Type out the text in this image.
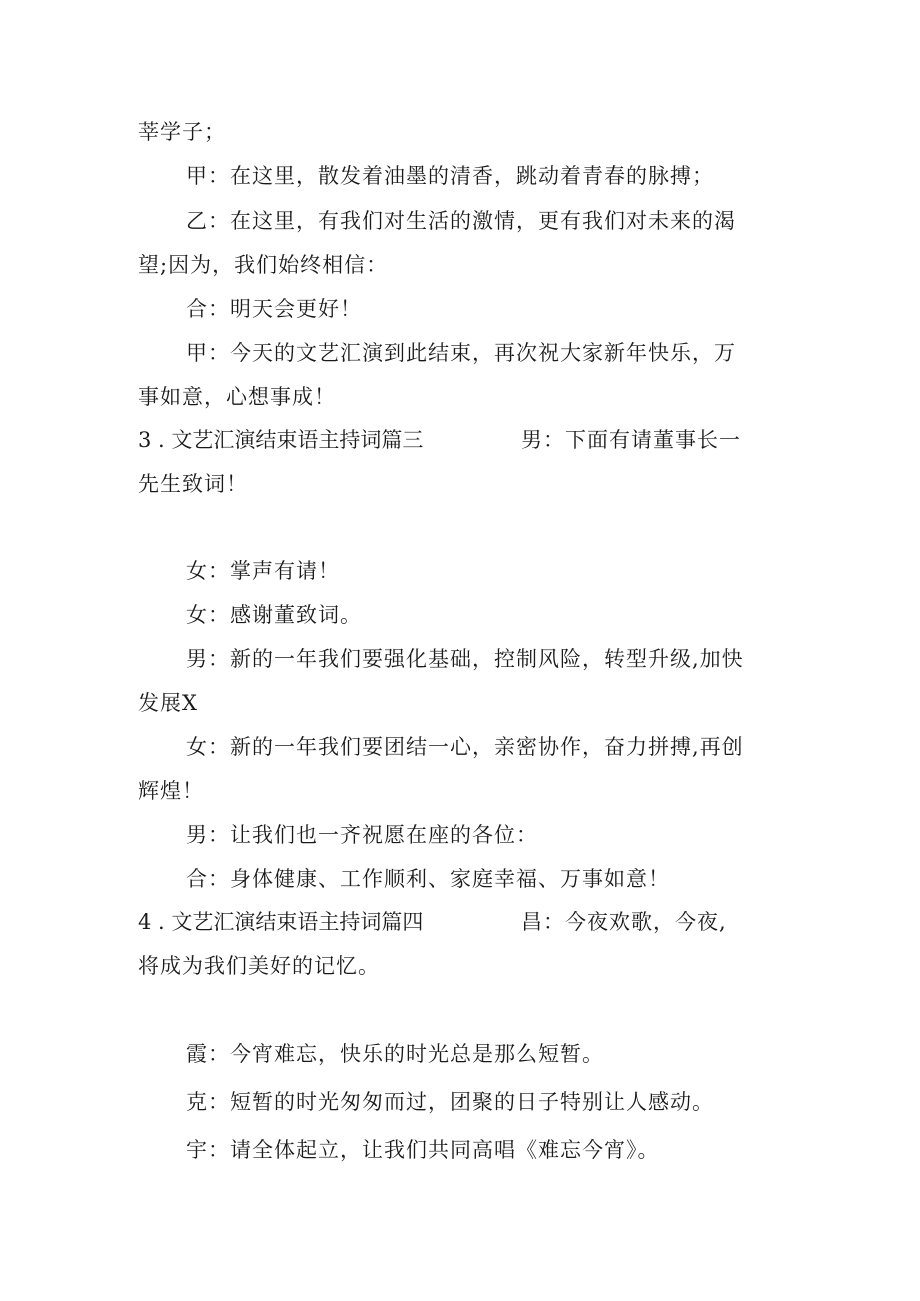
莘学子；
甲：在这里，散发着油墨的清香，跳动着青春的脉搏；
乙：在这里，有我们对生活的激情，更有我们对未来的渴
望;因为，我们始终相信：
合：明天会更好！
甲：今天的文艺汇演到此结束，再次祝大家新年快乐，万
事如意，心想事成！
3 . 文艺汇演结束语主持词篇三	男：下面有请董事长一
先生致词！
女：掌声有请！
女：感谢董致词。
男：新的一年我们要强化基础，控制风险，转型升级,加快
发展X
女：新的一年我们要团结一心，亲密协作，奋力拼搏,再创
辉煌！
男：让我们也一齐祝愿在座的各位：
合：身体健康、工作顺利、家庭幸福、万事如意！
4 . 文艺汇演结束语主持词篇四	昌：今夜欢歌，今夜,
将成为我们美好的记忆。
霞：今宵难忘，快乐的时光总是那么短暂。
克：短暂的时光匆匆而过，团聚的日子特别让人感动。
宇：请全体起立，让我们共同高唱《难忘今宵》。
